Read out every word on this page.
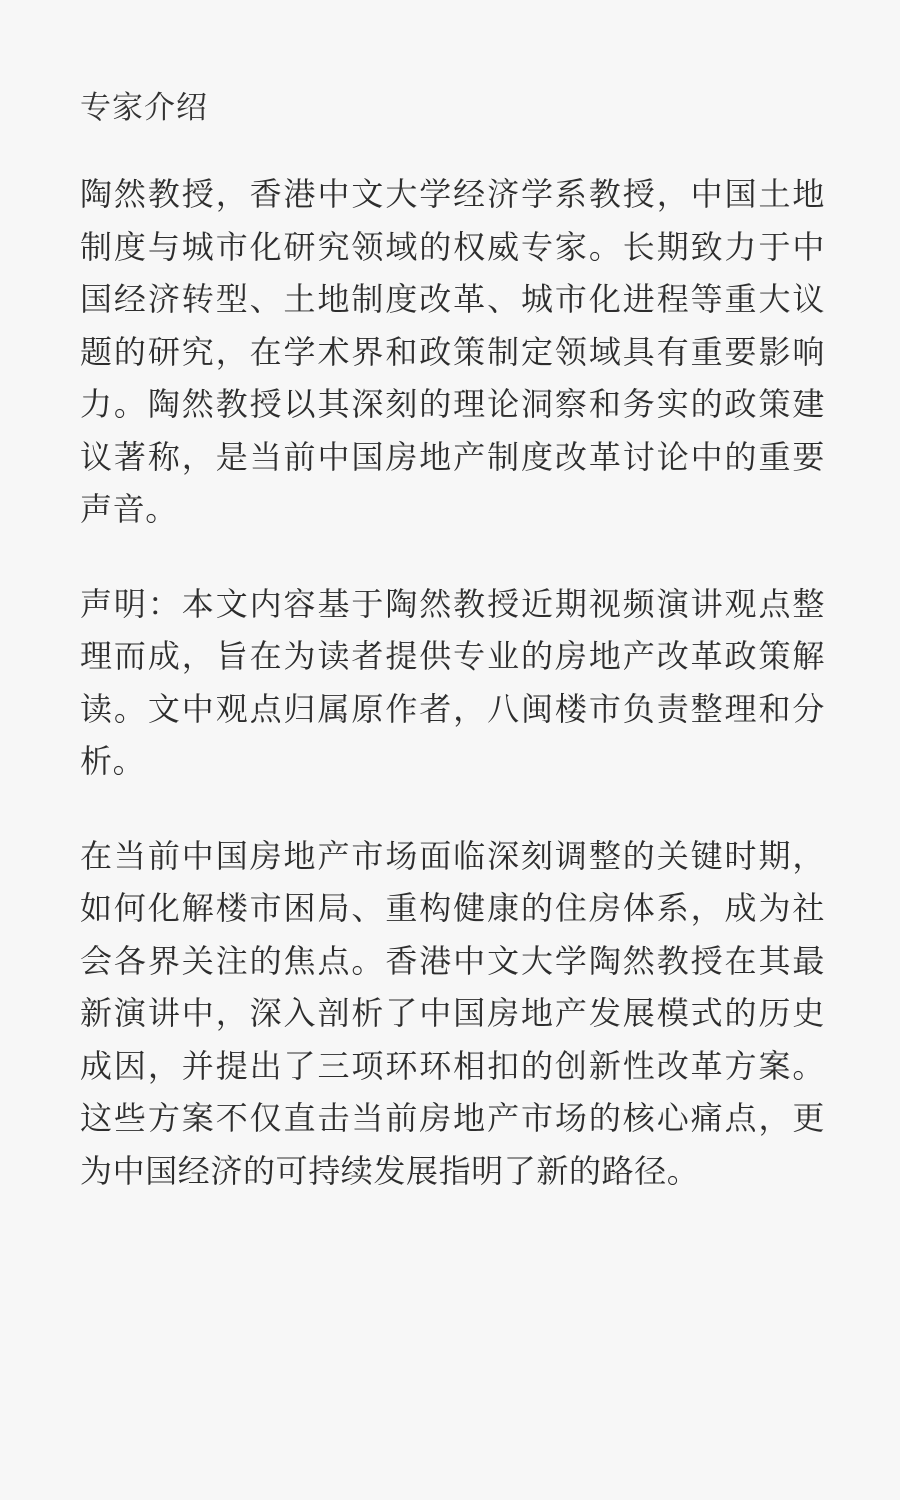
专家介绍

陶然教授，香港中文大学经济学系教授，中国土地制度与城市化研究领域的权威专家。长期致力于中国经济转型、土地制度改革、城市化进程等重大议题的研究，在学术界和政策制定领域具有重要影响力。陶然教授以其深刻的理论洞察和务实的政策建议著称，是当前中国房地产制度改革讨论中的重要声音。

声明：本文内容基于陶然教授近期视频演讲观点整理而成，旨在为读者提供专业的房地产改革政策解读。文中观点归属原作者，八闽楼市负责整理和分析。

在当前中国房地产市场面临深刻调整的关键时期，如何化解楼市困局、重构健康的住房体系，成为社会各界关注的焦点。香港中文大学陶然教授在其最新演讲中，深入剖析了中国房地产发展模式的历史成因，并提出了三项环环相扣的创新性改革方案。这些方案不仅直击当前房地产市场的核心痛点，更为中国经济的可持续发展指明了新的路径。
